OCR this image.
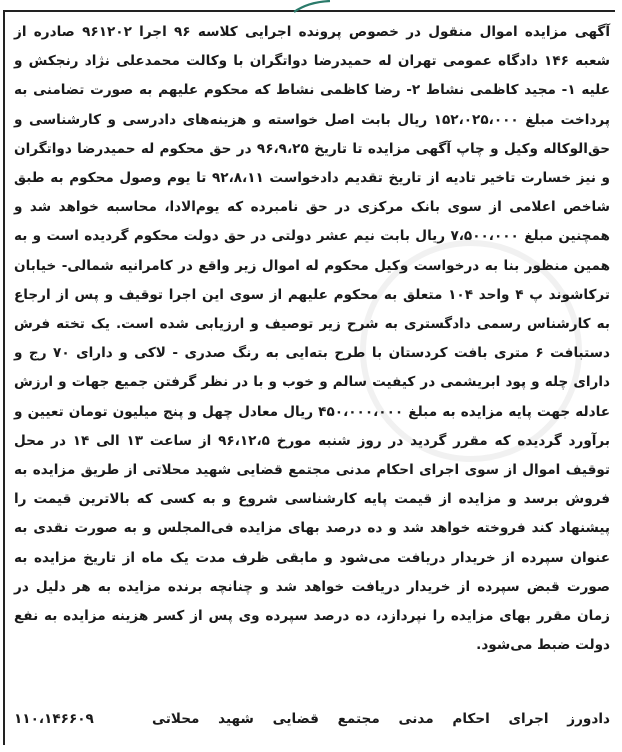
آگهی مزایده اموال منقول در خصوص پرونده اجرایی کلاسه ۹۶ اجرا ۹۶۱۲۰۲ صادره از شعبه ۱۴۶ دادگاه عمومی تهران له حمیدرضا دواتگران با وکالت محمدعلی نژاد رنجکش و علیه ۱- مجید کاظمی نشاط ۲- رضا کاظمی نشاط که محکوم علیهم به صورت تضامنی به پرداخت مبلغ ۱۵۲،۰۲۵،۰۰۰ ریال بابت اصل خواسته و هزینه‌های دادرسی و کارشناسی و حق‌الوکاله وکیل و چاپ آگهی مزایده تا تاریخ ۹۶،۹،۲۵ در حق محکوم له حمیدرضا دواتگران و نیز خسارت تاخیر تادیه از تاریخ تقدیم دادخواست ۹۲،۸،۱۱ تا یوم وصول محکوم به طبق شاخص اعلامی از سوی بانک مرکزی در حق نامبرده که یوم‌الادا، محاسبه خواهد شد و همچنین مبلغ ۷،۵۰۰،۰۰۰ ریال بابت نیم عشر دولتی در حق دولت محکوم گردیده است و به همین منظور بنا به درخواست وکیل محکوم له اموال زیر واقع در کامرانیه شمالی- خیابان ترکاشوند پ ۴ واحد ۱۰۴ متعلق به محکوم علیهم از سوی این اجرا توقیف و پس از ارجاع به کارشناس رسمی دادگستری به شرح زیر توصیف و ارزیابی شده است. یک تخته فرش دستبافت ۶ متری بافت کردستان با طرح بته‌ایی به رنگ صدری - لاکی و دارای ۷۰ رج و دارای چله و پود ابریشمی در کیفیت سالم و خوب و با در نظر گرفتن جمیع جهات و ارزش عادله جهت پایه مزایده به مبلغ ۴۵۰،۰۰۰،۰۰۰ ریال معادل چهل و پنج میلیون تومان تعیین و برآورد گردیده که مقرر گردید در روز شنبه مورخ ۹۶،۱۲،۵ از ساعت ۱۳ الی ۱۴ در محل توقیف اموال از سوی اجرای احکام مدنی مجتمع قضایی شهید محلاتی از طریق مزایده به فروش برسد و مزایده از قیمت پایه کارشناسی شروع و به کسی که بالاترین قیمت را پیشنهاد کند فروخته خواهد شد و ده درصد بهای مزایده فی‌المجلس و به صورت نقدی به عنوان سپرده از خریدار دریافت می‌شود و مابقی ظرف مدت یک ماه از تاریخ مزایده به صورت قبض سپرده از خریدار دریافت خواهد شد و چنانچه برنده مزایده به هر دلیل در زمان مقرر بهای مزایده را نپردازد، ده درصد سپرده وی پس از کسر هزینه مزایده به نفع دولت ضبط می‌شود.

دادورز اجرای احکام مدنی مجتمع قضایی شهید محلاتی
۱۱۰،۱۴۶۶۰۹
